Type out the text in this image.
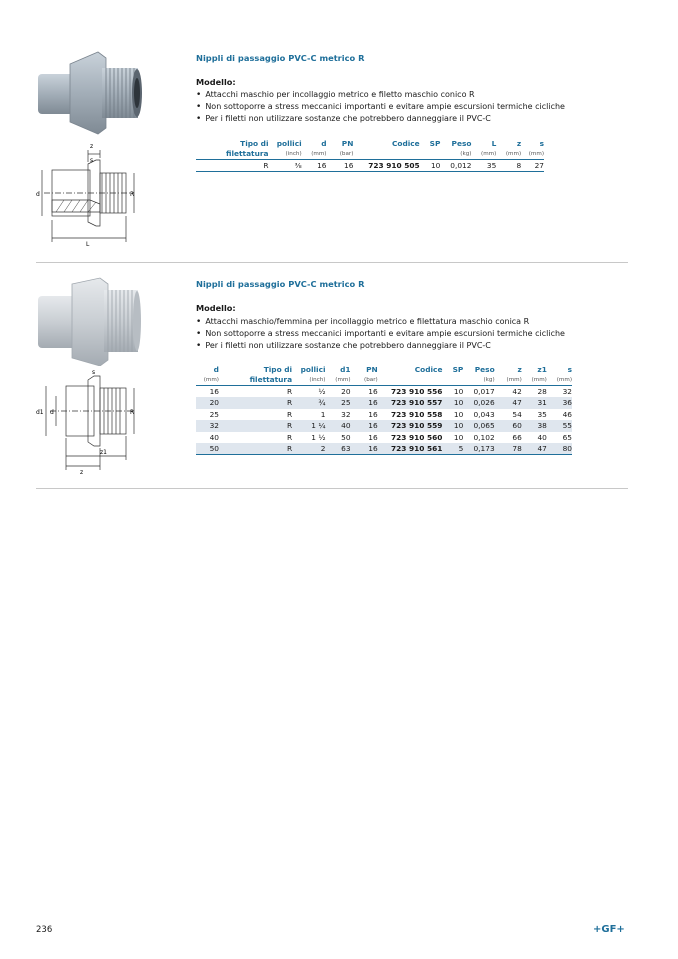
z
s
d	R
L
Nippli di passaggio PVC-C metrico R
Modello:
• Attacchi maschio per incollaggio metrico e filetto maschio conico R
• Non sottoporre a stress meccanici importanti e evitare ampie escursioni termiche cicliche
• Per i filetti non utilizzare sostanze che potrebbero danneggiare il PVC-C
Tipo di	pollici	d	PN	Codice	SP	Peso	L	z	s
filettatura	(inch)	(mm)	(bar)			(kg)	(mm)	(mm)	(mm)
R	⅜	16	16	723 910 505	10	0,012	35	8	27
s
d1 d	R
z1
z
Nippli di passaggio PVC-C metrico R
Modello:
• Attacchi maschio/femmina per incollaggio metrico e filettatura maschio conica R
• Non sottoporre a stress meccanici importanti e evitare ampie escursioni termiche cicliche
• Per i filetti non utilizzare sostanze che potrebbero danneggiare il PVC-C
d	Tipo di	pollici	d1	PN	Codice	SP	Peso	z	z1	s
(mm)	filettatura	(inch)	(mm)	(bar)			(kg)	(mm)	(mm)	(mm)
16	R	½	20	16	723 910 556	10	0,017	42	28	32
20	R	¾	25	16	723 910 557	10	0,026	47	31	36
25	R	1	32	16	723 910 558	10	0,043	54	35	46
32	R	1 ¼	40	16	723 910 559	10	0,065	60	38	55
40	R	1 ½	50	16	723 910 560	10	0,102	66	40	65
50	R	2	63	16	723 910 561	5	0,173	78	47	80
236	+GF+
